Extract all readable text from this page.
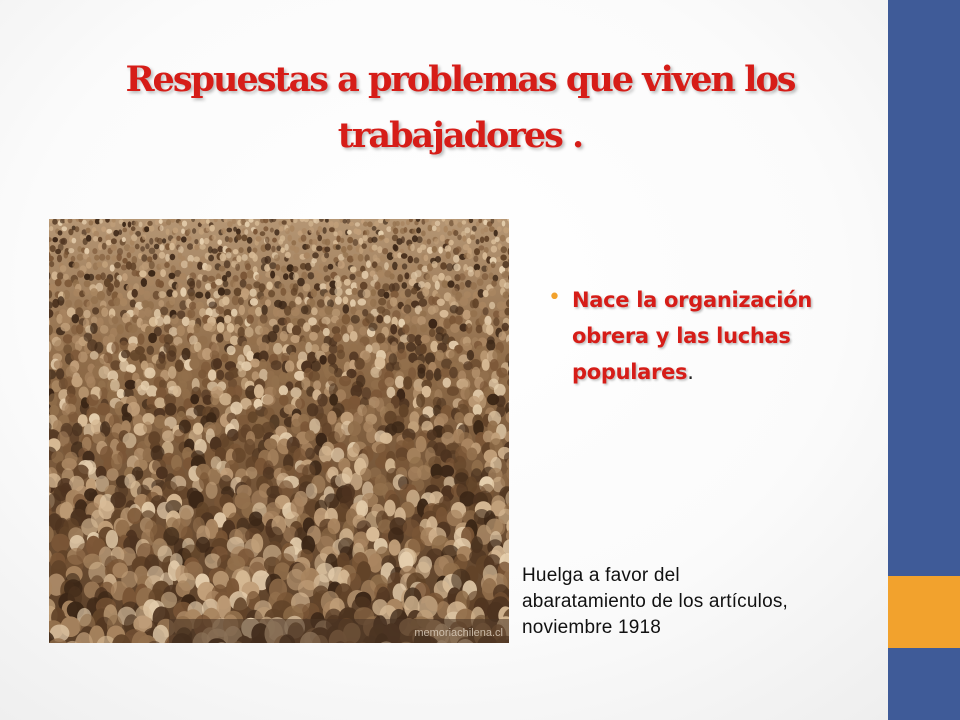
Respuestas a problemas que viven los
trabajadores .
memoriachilena.cl
• Nace la organización obrera y las luchas populares.
Huelga a favor del
abaratamiento de los artículos,
noviembre 1918
